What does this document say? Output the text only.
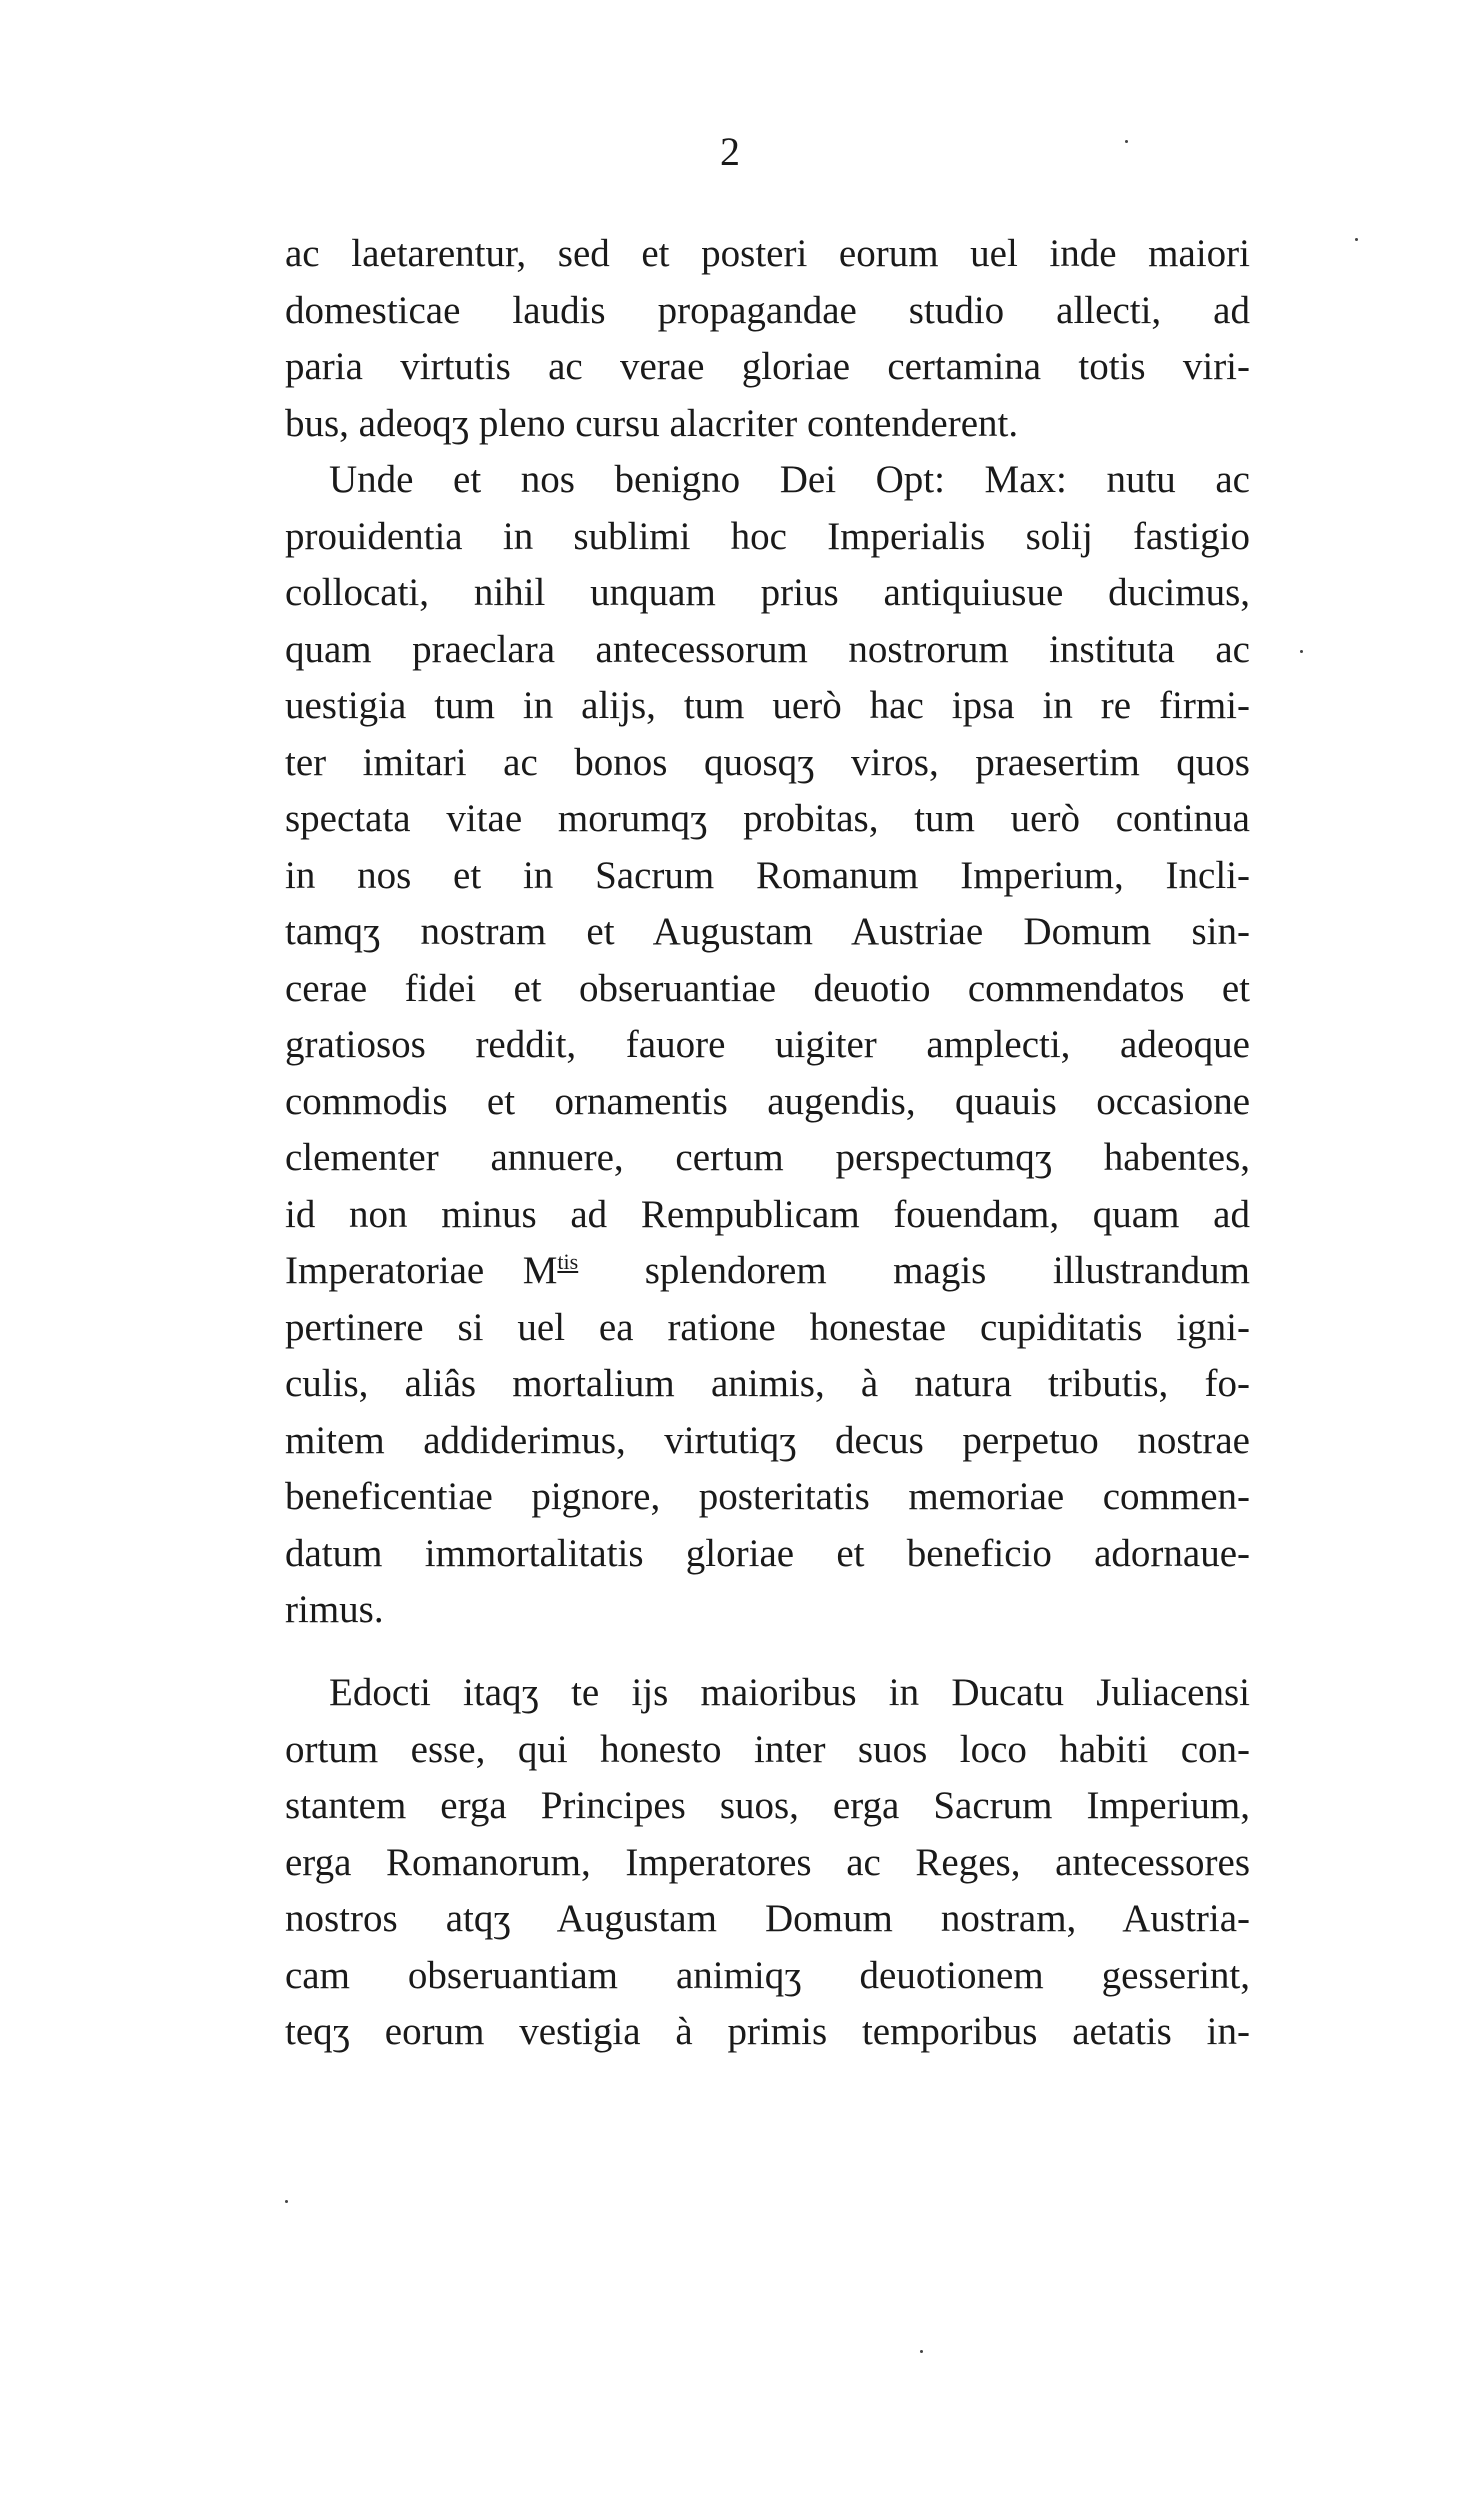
2
ac laetarentur, sed et posteri eorum uel inde maiori
domesticae laudis propagandae studio allecti, ad
paria virtutis ac verae gloriae certamina totis viri-
bus, adeoqʒ pleno cursu alacriter contenderent.
Unde et nos benigno Dei Opt: Max: nutu ac
prouidentia in sublimi hoc Imperialis solij fastigio
collocati, nihil unquam prius antiquiusue ducimus,
quam praeclara antecessorum nostrorum instituta ac
uestigia tum in alijs, tum uerò hac ipsa in re firmi-
ter imitari ac bonos quosqʒ viros, praesertim quos
spectata vitae morumqʒ probitas, tum uerò continua
in nos et in Sacrum Romanum Imperium, Incli-
tamqʒ nostram et Augustam Austriae Domum sin-
cerae fidei et obseruantiae deuotio commendatos et
gratiosos reddit, fauore uigiter amplecti, adeoque
commodis et ornamentis augendis, quauis occasione
clementer annuere, certum perspectumqʒ habentes,
id non minus ad Rempublicam fouendam, quam ad
Imperatoriae $M^{tis}$ splendorem magis illustrandum
pertinere si uel ea ratione honestae cupiditatis igni-
culis, aliâs mortalium animis, à natura tributis, fo-
mitem addiderimus, virtutiqʒ decus perpetuo nostrae
beneficentiae pignore, posteritatis memoriae commen-
datum immortalitatis gloriae et beneficio adornaue-
rimus.
Edocti itaqʒ te ijs maioribus in Ducatu Juliacensi
ortum esse, qui honesto inter suos loco habiti con-
stantem erga Principes suos, erga Sacrum Imperium,
erga Romanorum, Imperatores ac Reges, antecessores
nostros atqʒ Augustam Domum nostram, Austria-
cam obseruantiam animiqʒ deuotionem gesserint,
teqʒ eorum vestigia à primis temporibus aetatis in-
